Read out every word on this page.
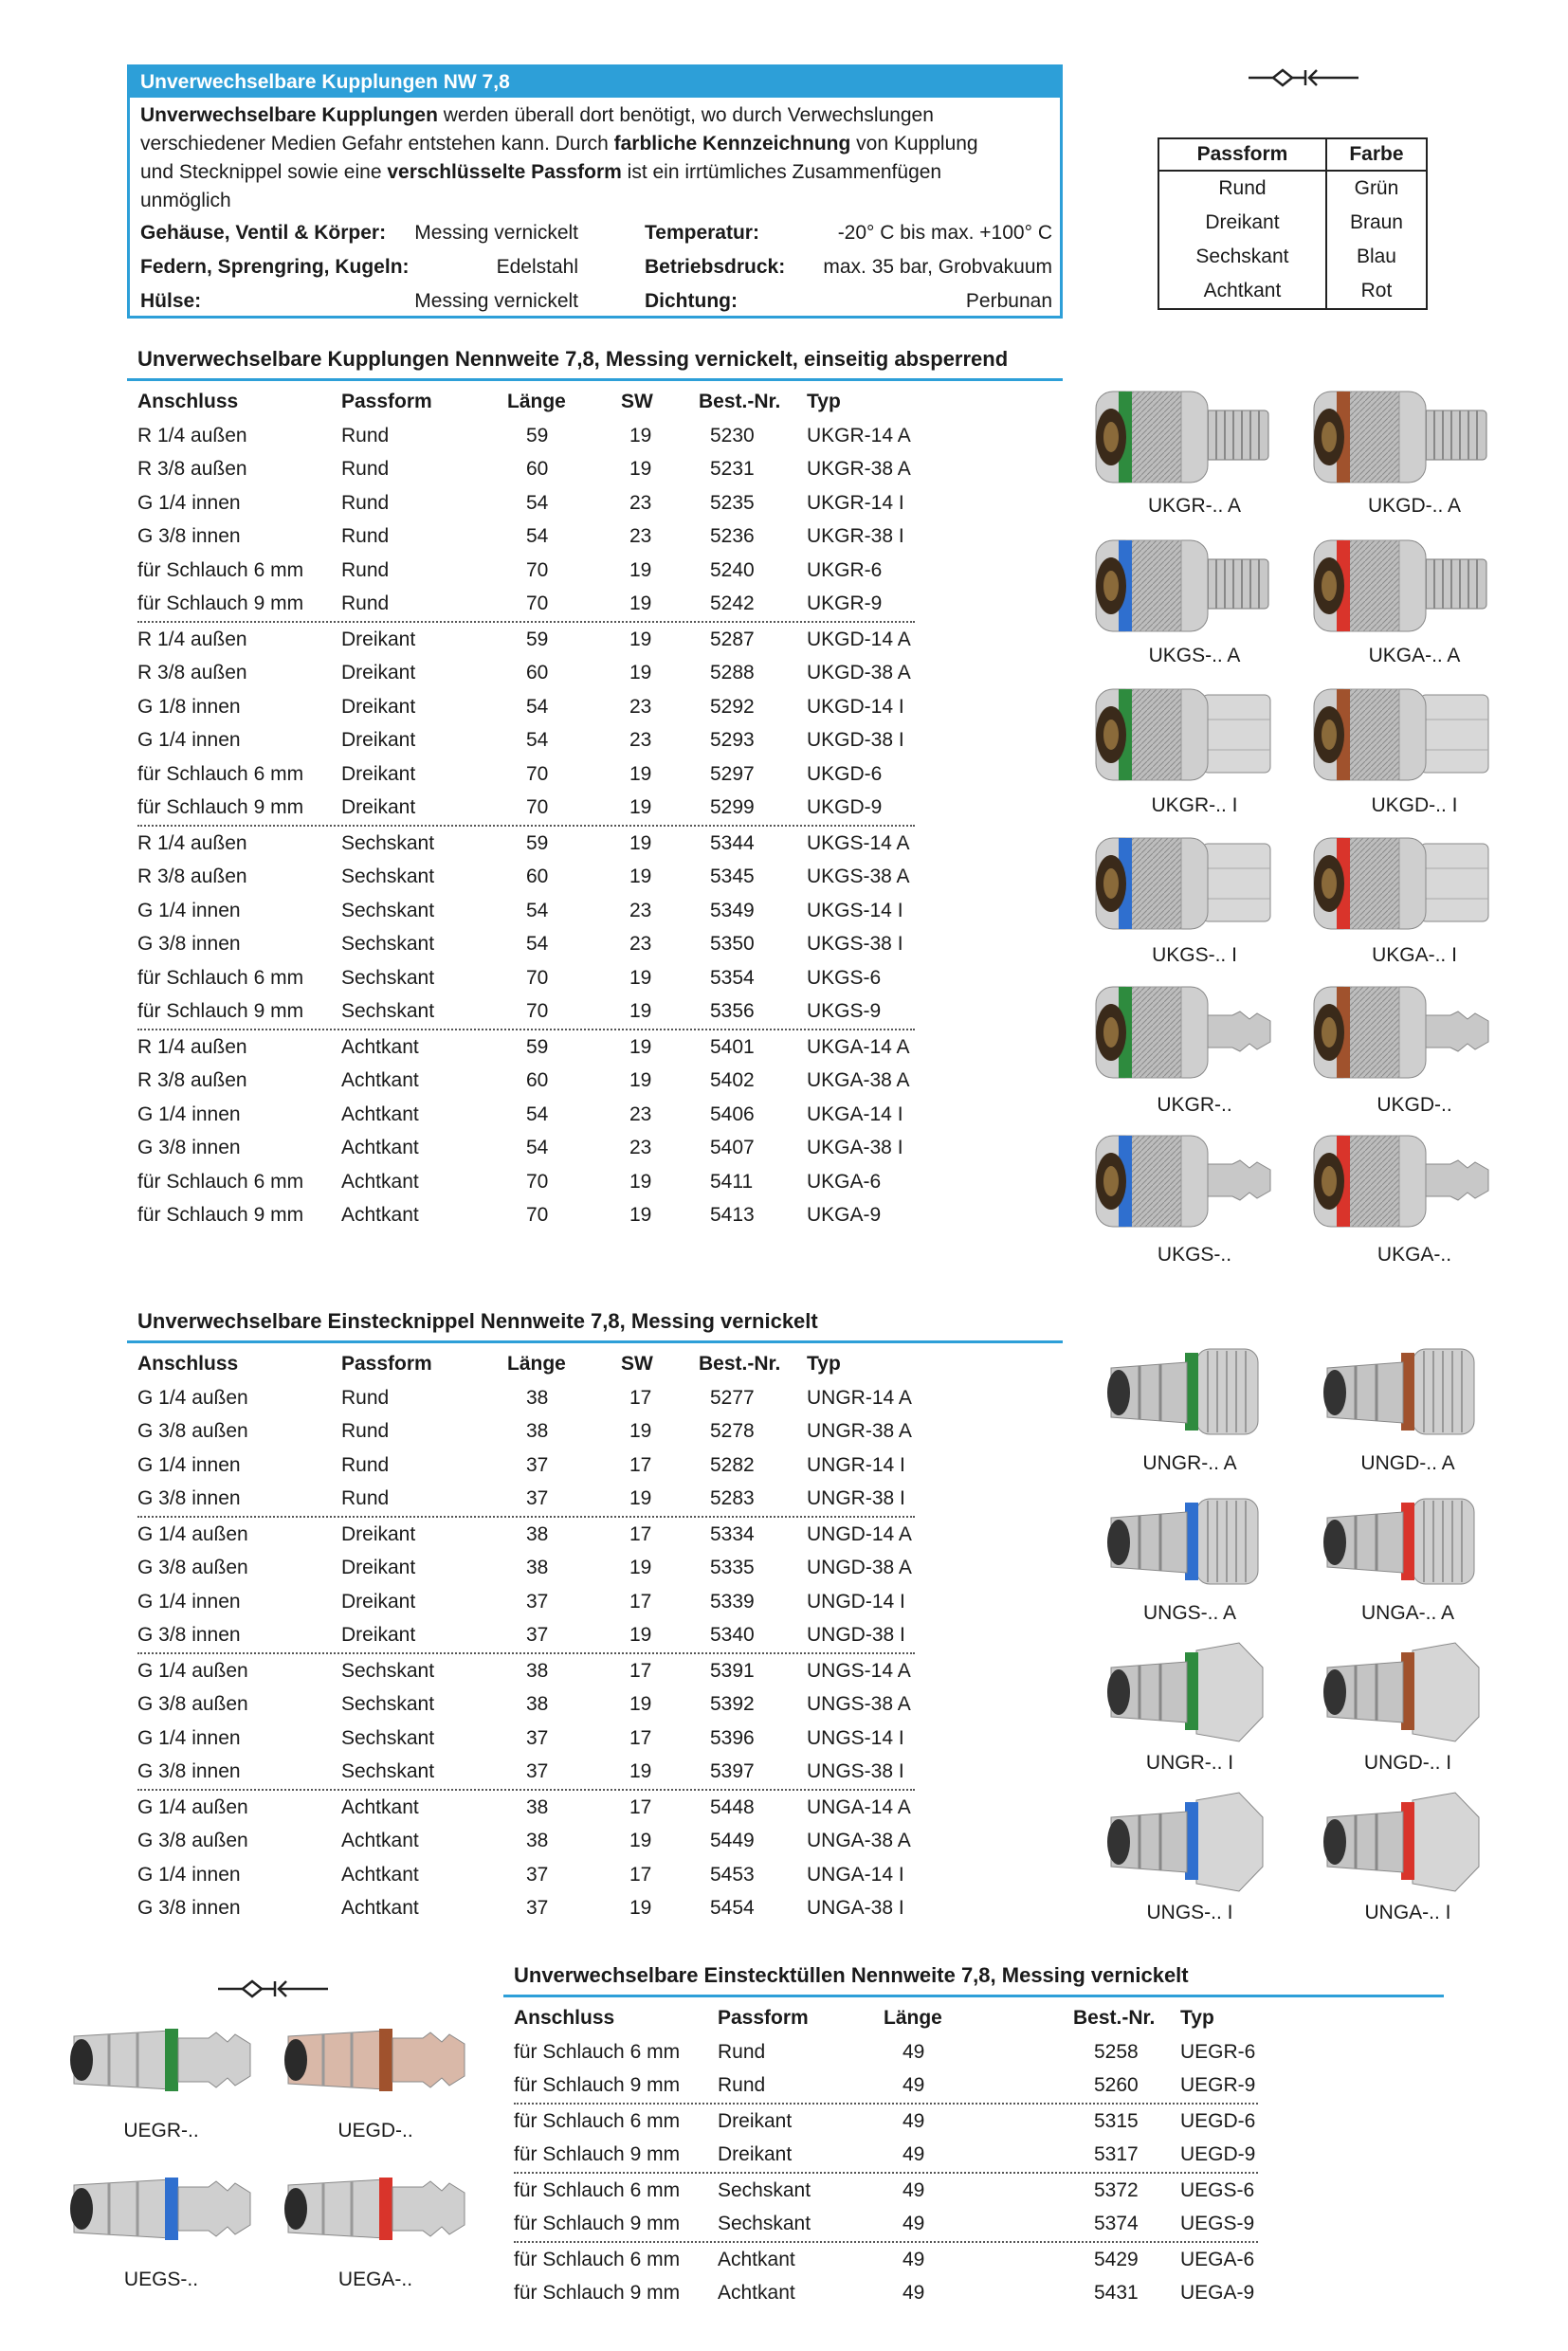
Unverwechselbare Kupplungen NW 7,8
Unverwechselbare Kupplungen werden überall dort benötigt, wo durch Verwechslungen
verschiedener Medien Gefahr entstehen kann. Durch farbliche Kennzeichnung von Kupplung
und Stecknippel sowie eine verschlüsselte Passform ist ein irrtümliches Zusammenfügen
unmöglich
Gehäuse, Ventil & Körper: Messing vernickelt	Temperatur:	-20° C bis max. +100° C
Federn, Sprengring, Kugeln:	Edelstahl	Betriebsdruck: max. 35 bar, Grobvakuum
Hülse:	Messing vernickelt	Dichtung:	Perbunan
Passform	Farbe
Rund	Grün
Dreikant	Braun
Sechskant	Blau
Achtkant	Rot
Unverwechselbare Kupplungen Nennweite 7,8, Messing vernickelt, einseitig absperrend
Anschluss	Passform	Länge	SW Best.-Nr. Typ
R 1/4 außen	Rund	59	19	5230	UKGR-14 A
R 3/8 außen	Rund	60	19	5231	UKGR-38 A
G 1/4 innen	Rund	54	23	5235	UKGR-14 I
G 3/8 innen	Rund	54	23	5236	UKGR-38 I
für Schlauch 6 mm Rund	70	19	5240	UKGR-6
für Schlauch 9 mm Rund	70	19	5242	UKGR-9
R 1/4 außen	Dreikant	59	19	5287	UKGD-14 A
R 3/8 außen	Dreikant	60	19	5288	UKGD-38 A
G 1/8 innen	Dreikant	54	23	5292	UKGD-14 I
G 1/4 innen	Dreikant	54	23	5293	UKGD-38 I
für Schlauch 6 mm Dreikant	70	19	5297	UKGD-6
für Schlauch 9 mm Dreikant	70	19	5299	UKGD-9
R 1/4 außen	Sechskant	59	19	5344	UKGS-14 A
R 3/8 außen	Sechskant	60	19	5345	UKGS-38 A
G 1/4 innen	Sechskant	54	23	5349	UKGS-14 I
G 3/8 innen	Sechskant	54	23	5350	UKGS-38 I
für Schlauch 6 mm Sechskant	70	19	5354	UKGS-6
für Schlauch 9 mm Sechskant	70	19	5356	UKGS-9
R 1/4 außen	Achtkant	59	19	5401	UKGA-14 A
R 3/8 außen	Achtkant	60	19	5402	UKGA-38 A
G 1/4 innen	Achtkant	54	23	5406	UKGA-14 I
G 3/8 innen	Achtkant	54	23	5407	UKGA-38 I
für Schlauch 6 mm Achtkant	70	19	5411	UKGA-6
für Schlauch 9 mm Achtkant	70	19	5413	UKGA-9
Unverwechselbare Einstecknippel Nennweite 7,8, Messing vernickelt
Anschluss	Passform	Länge	SW Best.-Nr. Typ
G 1/4 außen	Rund	38	17	5277	UNGR-14 A
G 3/8 außen	Rund	38	19	5278	UNGR-38 A
G 1/4 innen	Rund	37	17	5282	UNGR-14 I
G 3/8 innen	Rund	37	19	5283	UNGR-38 I
G 1/4 außen	Dreikant	38	17	5334	UNGD-14 A
G 3/8 außen	Dreikant	38	19	5335	UNGD-38 A
G 1/4 innen	Dreikant	37	17	5339	UNGD-14 I
G 3/8 innen	Dreikant	37	19	5340	UNGD-38 I
G 1/4 außen	Sechskant	38	17	5391	UNGS-14 A
G 3/8 außen	Sechskant	38	19	5392	UNGS-38 A
G 1/4 innen	Sechskant	37	17	5396	UNGS-14 I
G 3/8 innen	Sechskant	37	19	5397	UNGS-38 I
G 1/4 außen	Achtkant	38	17	5448	UNGA-14 A
G 3/8 außen	Achtkant	38	19	5449	UNGA-38 A
G 1/4 innen	Achtkant	37	17	5453	UNGA-14 I
G 3/8 innen	Achtkant	37	19	5454	UNGA-38 I
Unverwechselbare Einstecktüllen Nennweite 7,8, Messing vernickelt
Anschluss	Passform	Länge	Best.-Nr. Typ
für Schlauch 6 mm Rund	49	5258 UEGR-6
für Schlauch 9 mm Rund	49	5260 UEGR-9
für Schlauch 6 mm Dreikant	49	5315 UEGD-6
für Schlauch 9 mm Dreikant	49	5317 UEGD-9
für Schlauch 6 mm Sechskant	49	5372 UEGS-6
für Schlauch 9 mm Sechskant	49	5374 UEGS-9
für Schlauch 6 mm Achtkant	49	5429 UEGA-6
für Schlauch 9 mm Achtkant	49	5431 UEGA-9
UKGR-.. A	UKGD-.. A
UKGS-.. A	UKGA-.. A
UKGR-.. I	UKGD-.. I
UKGS-.. I	UKGA-.. I
UKGR-..	UKGD-..
UKGS-..	UKGA-..
UNGR-.. A	UNGD-.. A
UNGS-.. A	UNGA-.. A
UNGR-.. I	UNGD-.. I
UNGS-.. I	UNGA-.. I
UEGR-..	UEGD-..
UEGS-..	UEGA-..
